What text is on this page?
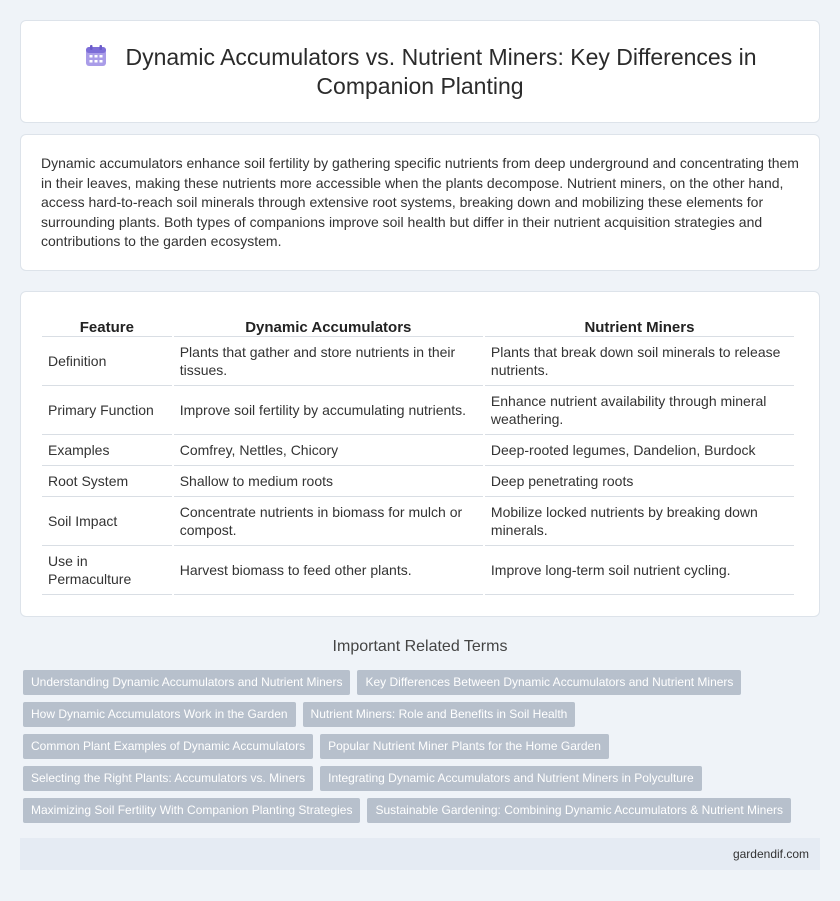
Dynamic Accumulators vs. Nutrient Miners: Key Differences in Companion Planting

Dynamic accumulators enhance soil fertility by gathering specific nutrients from deep underground and concentrating them in their leaves, making these nutrients more accessible when the plants decompose. Nutrient miners, on the other hand, access hard-to-reach soil minerals through extensive root systems, breaking down and mobilizing these elements for surrounding plants. Both types of companions improve soil health but differ in their nutrient acquisition strategies and contributions to the garden ecosystem.

Feature	Dynamic Accumulators	Nutrient Miners
Definition	Plants that gather and store nutrients in their tissues.	Plants that break down soil minerals to release nutrients.
Primary Function	Improve soil fertility by accumulating nutrients.	Enhance nutrient availability through mineral weathering.
Examples	Comfrey, Nettles, Chicory	Deep-rooted legumes, Dandelion, Burdock
Root System	Shallow to medium roots	Deep penetrating roots
Soil Impact	Concentrate nutrients in biomass for mulch or compost.	Mobilize locked nutrients by breaking down minerals.
Use in Permaculture	Harvest biomass to feed other plants.	Improve long-term soil nutrient cycling.
Important Related Terms
Understanding Dynamic Accumulators and Nutrient Miners	Key Differences Between Dynamic Accumulators and Nutrient Miners
How Dynamic Accumulators Work in the Garden	Nutrient Miners: Role and Benefits in Soil Health
Common Plant Examples of Dynamic Accumulators	Popular Nutrient Miner Plants for the Home Garden
Selecting the Right Plants: Accumulators vs. Miners	Integrating Dynamic Accumulators and Nutrient Miners in Polyculture
Maximizing Soil Fertility With Companion Planting Strategies	Sustainable Gardening: Combining Dynamic Accumulators & Nutrient Miners
gardendif.com
